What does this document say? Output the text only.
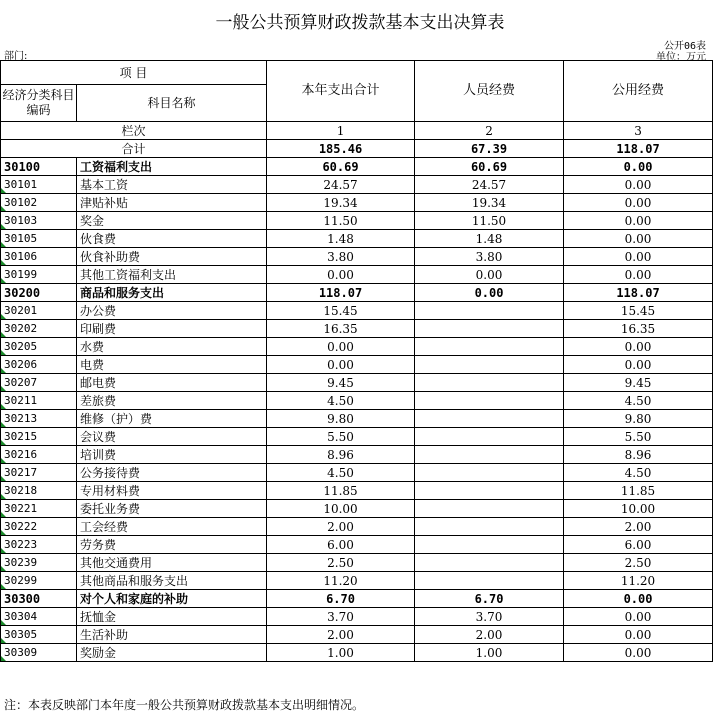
一般公共预算财政拨款基本支出决算表
公开06表
部门:	单位：万元
项 目		本年支出合计	人员经费	公用经费
经济分类科目编码	科目名称			
栏次		1	2	3
合计		185.46	67.39	118.07
30100	工资福利支出	60.69	60.69	0.00
30101	基本工资	24.57	24.57	0.00
30102	津贴补贴	19.34	19.34	0.00
30103	奖金	11.50	11.50	0.00
30105	伙食费	1.48	1.48	0.00
30106	伙食补助费	3.80	3.80	0.00
30199	其他工资福利支出	0.00	0.00	0.00
30200	商品和服务支出	118.07	0.00	118.07
30201	办公费	15.45		15.45
30202	印刷费	16.35		16.35
30205	水费	0.00		0.00
30206	电费	0.00		0.00
30207	邮电费	9.45		9.45
30211	差旅费	4.50		4.50
30213	维修（护）费	9.80		9.80
30215	会议费	5.50		5.50
30216	培训费	8.96		8.96
30217	公务接待费	4.50		4.50
30218	专用材料费	11.85		11.85
30221	委托业务费	10.00		10.00
30222	工会经费	2.00		2.00
30223	劳务费	6.00		6.00
30239	其他交通费用	2.50		2.50
30299	其他商品和服务支出	11.20		11.20
30300	对个人和家庭的补助	6.70	6.70	0.00
30304	抚恤金	3.70	3.70	0.00
30305	生活补助	2.00	2.00	0.00
30309	奖励金	1.00	1.00	0.00
注：本表反映部门本年度一般公共预算财政拨款基本支出明细情况。
